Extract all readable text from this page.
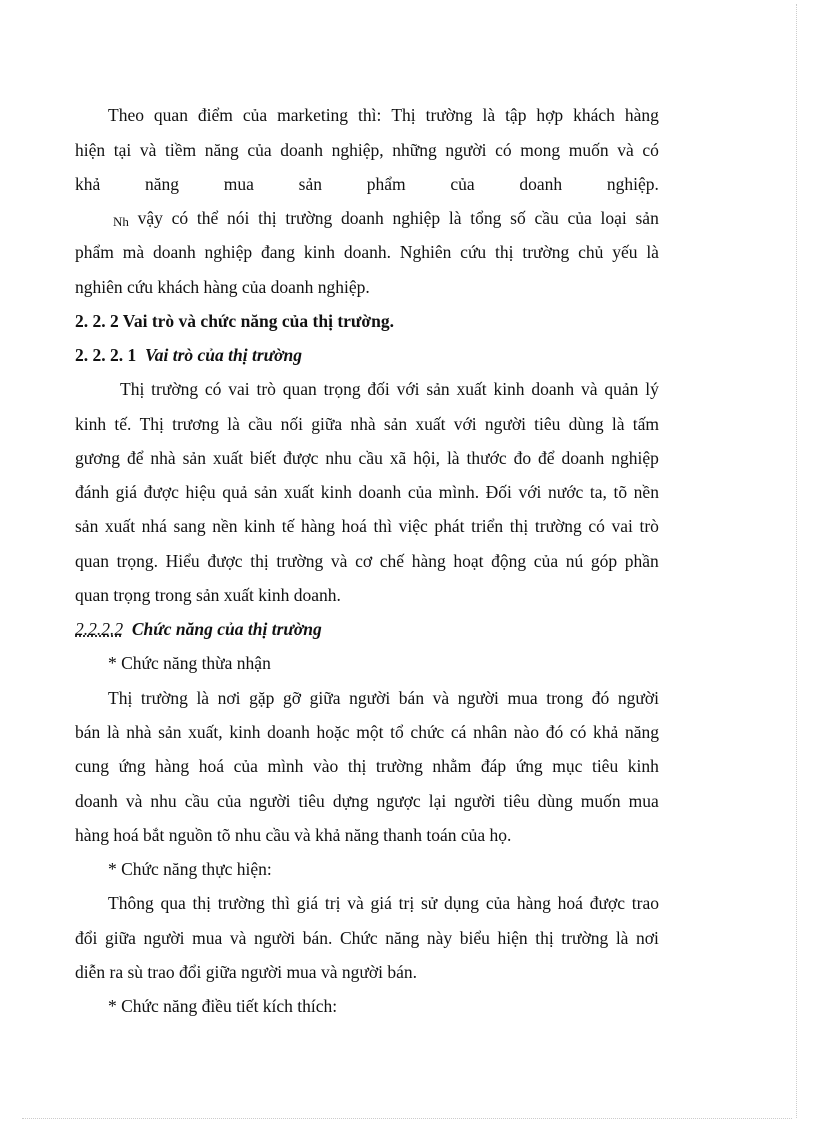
Theo quan điểm của marketing thì: Thị trường là tập hợp khách hàng
hiện tại và tiềm năng của doanh nghiệp, những người có mong muốn và có
khả	năng	mua	sản	phẩm	của	doanh	nghiệp.
Nh vậy có thể nói thị trường doanh nghiệp là tổng số cầu của loại sản
phẩm mà doanh nghiệp đang kinh doanh. Nghiên cứu thị trường chủ yếu là
nghiên cứu khách hàng của doanh nghiệp.
2. 2. 2 Vai trò và chức năng của thị trường.
2. 2. 2. 1 Vai trò của thị trường
Thị trường có vai trò quan trọng đối với sản xuất kinh doanh và quản lý
kinh tế. Thị trương là cầu nối giữa nhà sản xuất với người tiêu dùng là tấm
gương để nhà sản xuất biết được nhu cầu xã hội, là thước đo để doanh nghiệp
đánh giá được hiệu quả sản xuất kinh doanh của mình. Đối với nước ta, tõ nền
sản xuất nhá sang nền kinh tế hàng hoá thì việc phát triển thị trường có vai trò
quan trọng. Hiểu được thị trường và cơ chế hàng hoạt động của nú góp phần
quan trọng trong sản xuất kinh doanh.
2.2.2.2 Chức năng của thị trường
* Chức năng thừa nhận
Thị trường là nơi gặp gỡ giữa người bán và người mua trong đó người
bán là nhà sản xuất, kinh doanh hoặc một tổ chức cá nhân nào đó có khả năng
cung ứng hàng hoá của mình vào thị trường nhằm đáp ứng mục tiêu kinh
doanh và nhu cầu của người tiêu dựng ngược lại người tiêu dùng muốn mua
hàng hoá bắt nguồn tõ nhu cầu và khả năng thanh toán của họ.
* Chức năng thực hiện:
Thông qua thị trường thì giá trị và giá trị sử dụng của hàng hoá được trao
đổi giữa người mua và người bán. Chức năng này biểu hiện thị trường là nơi
diễn ra sù trao đổi giữa người mua và người bán.
* Chức năng điều tiết kích thích:
